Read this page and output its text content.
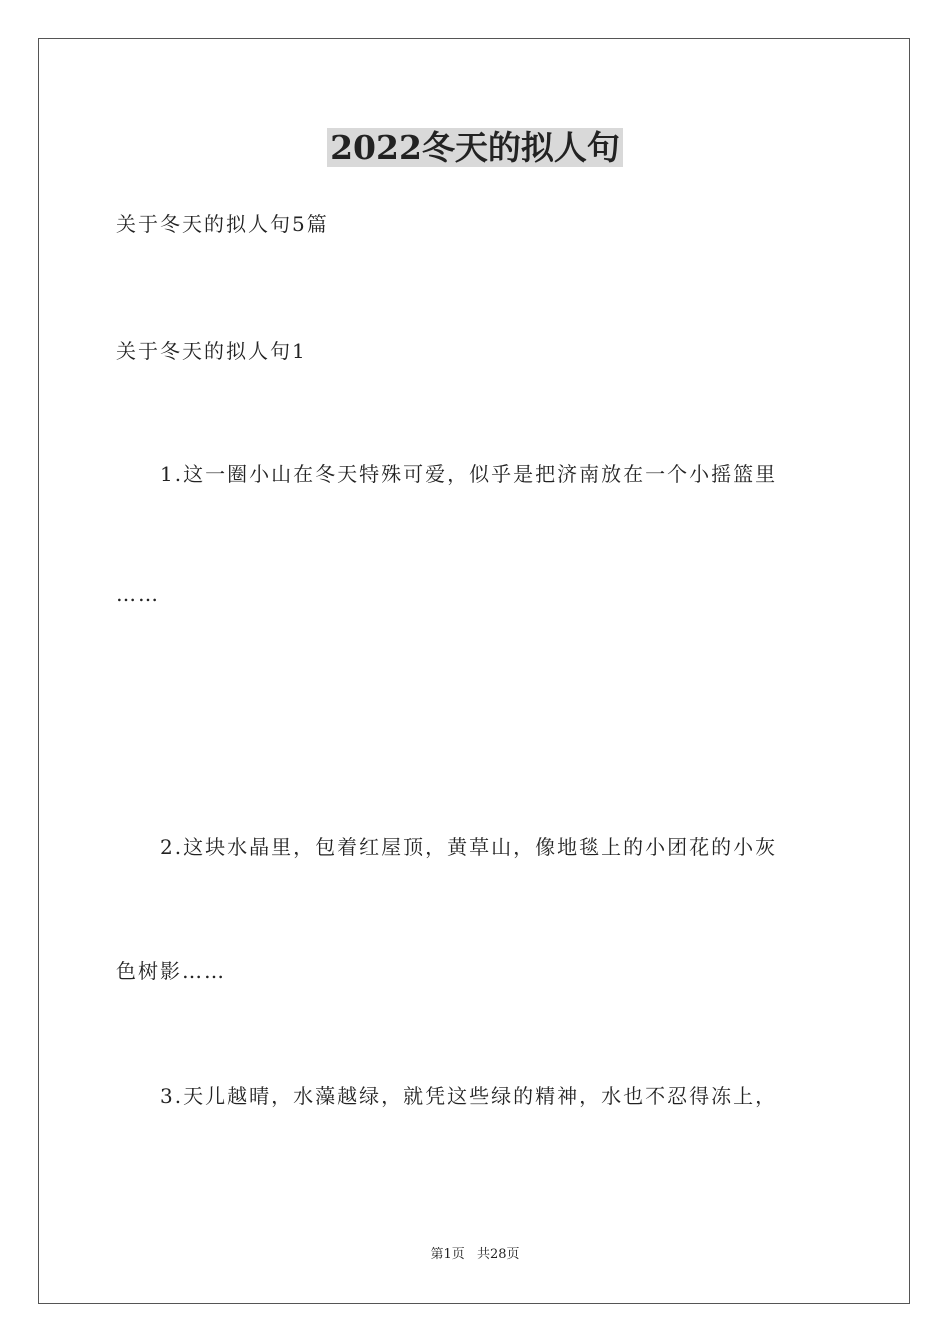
2022冬天的拟人句
关于冬天的拟人句5篇
关于冬天的拟人句1
1.这一圈小山在冬天特殊可爱，似乎是把济南放在一个小摇篮里
……
2.这块水晶里，包着红屋顶，黄草山，像地毯上的小团花的小灰
色树影……
3.天儿越晴，水藻越绿，就凭这些绿的精神，水也不忍得冻上，
第1页 共28页
